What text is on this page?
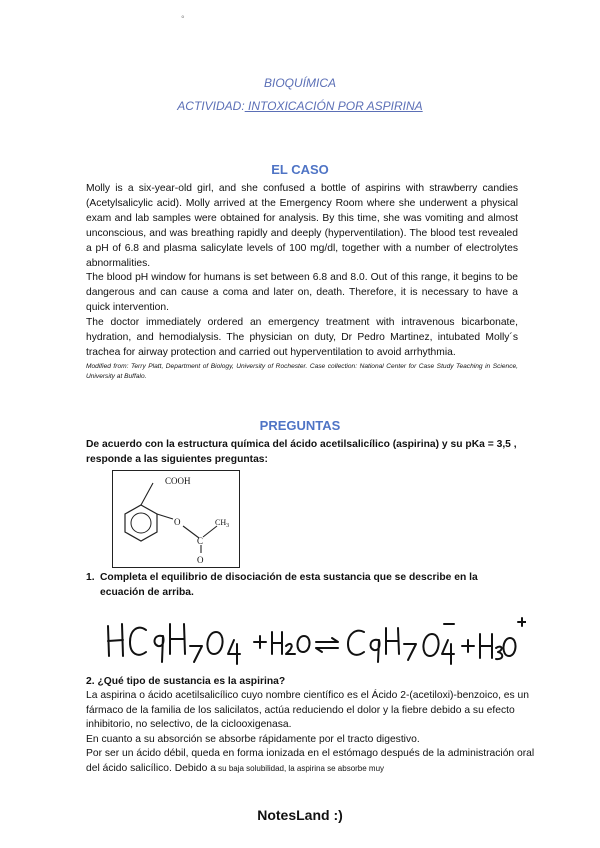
°
BIOQUÍMICA
ACTIVIDAD: INTOXICACIÓN POR ASPIRINA
EL CASO

Molly is a six-year-old girl, and she confused a bottle of aspirins with strawberry candies (Acetylsalicylic acid). Molly arrived at the Emergency Room where she underwent a physical exam and lab samples were obtained for analysis. By this time, she was vomiting and almost unconscious, and was breathing rapidly and deeply (hyperventilation). The blood test revealed a pH of 6.8 and plasma salicylate levels of 100 mg/dl, together with a number of electrolytes abnormalities.

The blood pH window for humans is set between 6.8 and 8.0. Out of this range, it begins to be dangerous and can cause a coma and later on, death. Therefore, it is necessary to have a quick intervention.

The doctor immediately ordered an emergency treatment with intravenous bicarbonate, hydration, and hemodialysis. The physician on duty, Dr Pedro Martinez, intubated Molly´s trachea for airway protection and carried out hyperventilation to avoid arrhythmia.

Modified from: Terry Platt, Department of Biology, University of Rochester. Case collection: National Center for Case Study Teaching in Science, University at Buffalo.

PREGUNTAS
De acuerdo con la estructura química del ácido acetilsalicílico (aspirina) y su pKa = 3,5 , responde a las siguientes preguntas:
COOH
O
C
$CH_3$
O
1. Completa el equilibrio de disociación de esta sustancia que se describe en la
ecuación de arriba.
HC9H7O4 + H2O ⇌ C9H7O4⁻ + H3O⁺
2. ¿Qué tipo de sustancia es la aspirina?

La aspirina o ácido acetilsalicílico cuyo nombre científico es el Ácido 2-(acetiloxi)-benzoico, es un fármaco de la familia de los salicilatos, actúa reduciendo el dolor y la fiebre debido a su efecto inhibitorio, no selectivo, de la ciclooxigenasa.

En cuanto a su absorción se absorbe rápidamente por el tracto digestivo.

Por ser un ácido débil, queda en forma ionizada en el estómago después de la administración oral del ácido salicílico. Debido a su baja solubilidad, la aspirina se absorbe muy

NotesLand :)
